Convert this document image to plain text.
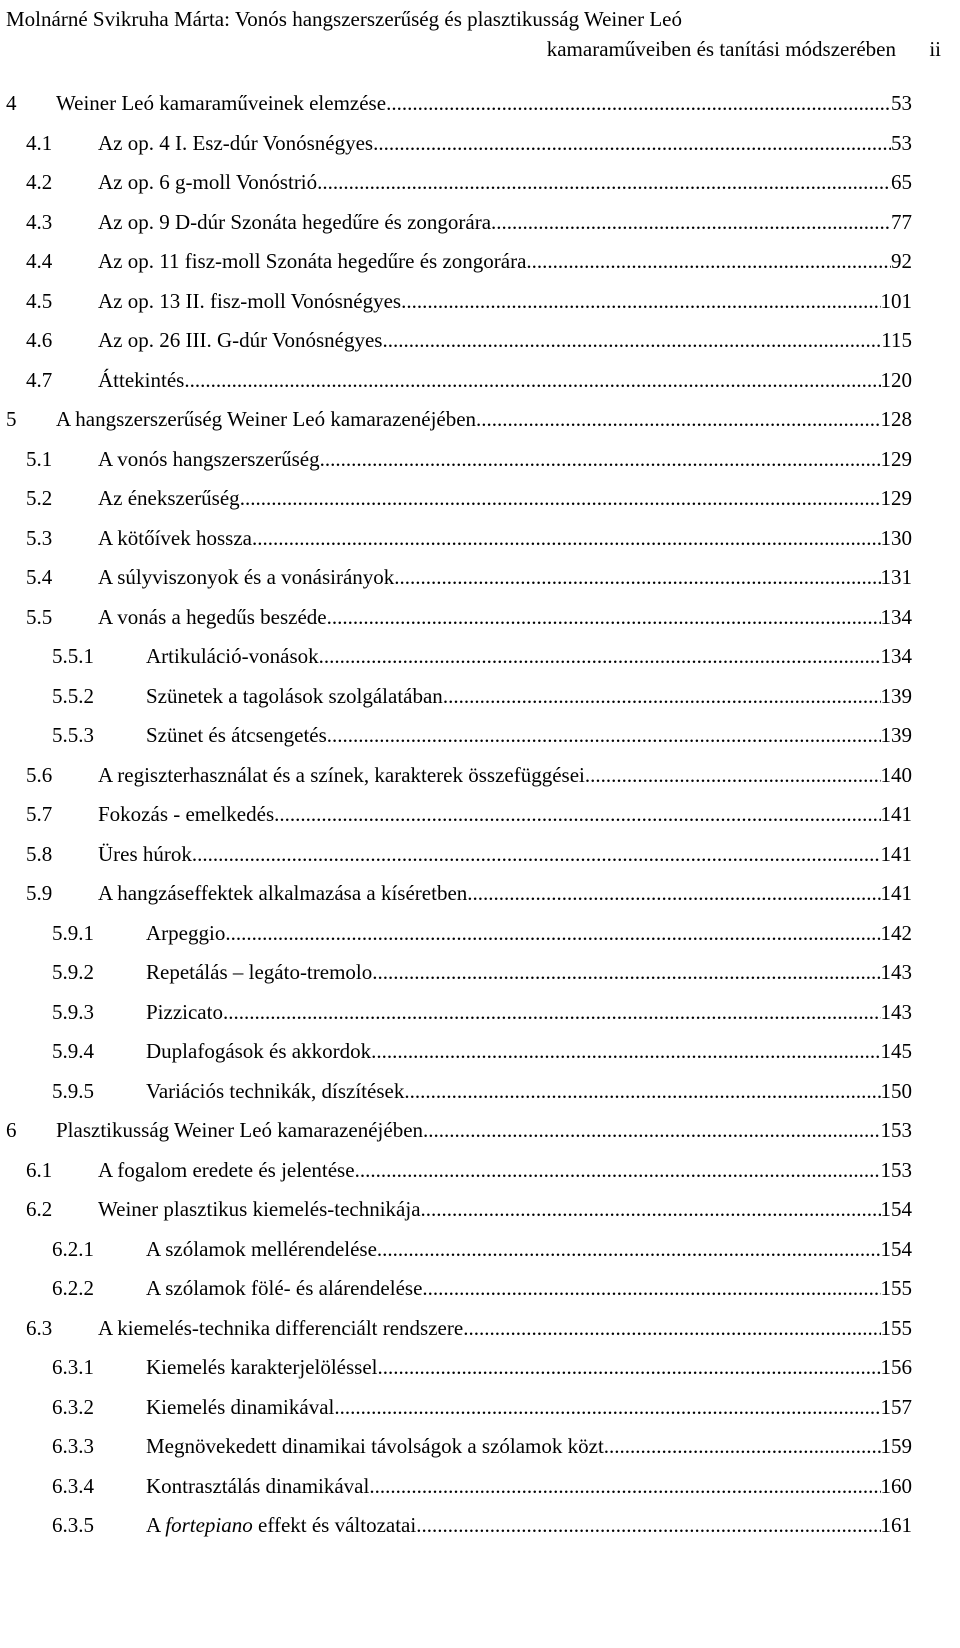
Molnárné Svikruha Márta: Vonós hangszerszerűség és plasztikusság Weiner Leó
kamaraműveiben és tanítási módszerében ii
4 Weiner Leó kamaraműveinek elemzése .....	53
4.1 Az op. 4 I. Esz-dúr Vonósnégyes .....	53
4.2 Az op. 6 g-moll Vonóstrió .....	65
4.3 Az op. 9 D-dúr Szonáta hegedűre és zongorára .....	77
4.4 Az op. 11 fisz-moll Szonáta hegedűre és zongorára .....	92
4.5 Az op. 13 II. fisz-moll Vonósnégyes .....	101
4.6 Az op. 26 III. G-dúr Vonósnégyes .....	115
4.7 Áttekintés .....	120
5 A hangszerszerűség Weiner Leó kamarazenéjében .....	128
5.1 A vonós hangszerszerűség .....	129
5.2 Az énekszerűség .....	129
5.3 A kötőívek hossza .....	130
5.4 A súlyviszonyok és a vonásirányok .....	131
5.5 A vonás a hegedűs beszéde .....	134
5.5.1 Artikuláció-vonások .....	134
5.5.2 Szünetek a tagolások szolgálatában .....	139
5.5.3 Szünet és átcsengetés .....	139
5.6 A regiszterhasználat és a színek, karakterek összefüggései .....	140
5.7 Fokozás - emelkedés .....	141
5.8 Üres húrok .....	141
5.9 A hangzáseffektek alkalmazása a kíséretben .....	141
5.9.1 Arpeggio .....	142
5.9.2 Repetálás – legáto-tremolo .....	143
5.9.3 Pizzicato .....	143
5.9.4 Duplafogások és akkordok .....	145
5.9.5 Variációs technikák, díszítések .....	150
6 Plasztikusság Weiner Leó kamarazenéjében .....	153
6.1 A fogalom eredete és jelentése .....	153
6.2 Weiner plasztikus kiemelés-technikája .....	154
6.2.1 A szólamok mellérendelése .....	154
6.2.2 A szólamok fölé- és alárendelése .....	155
6.3 A kiemelés-technika differenciált rendszere .....	155
6.3.1 Kiemelés karakterjelöléssel .....	156
6.3.2 Kiemelés dinamikával .....	157
6.3.3 Megnövekedett dinamikai távolságok a szólamok közt .....	159
6.3.4 Kontrasztálás dinamikával .....	160
6.3.5 A fortepiano effekt és változatai .....	161
